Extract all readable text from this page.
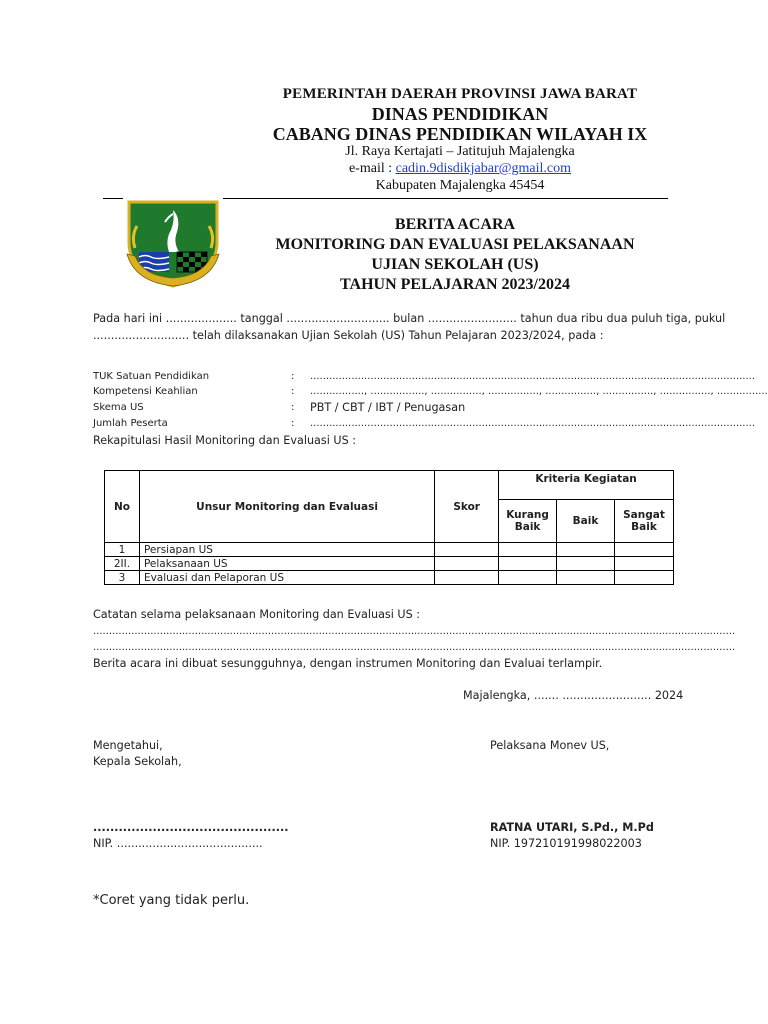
PEMERINTAH DAERAH PROVINSI JAWA BARAT
DINAS PENDIDIKAN
CABANG DINAS PENDIDIKAN WILAYAH IX
Jl. Raya Kertajati – Jatitujuh Majalengka
e-mail : cadin.9disdikjabar@gmail.com
Kabupaten Majalengka 45454
BERITA ACARA
MONITORING DAN EVALUASI PELAKSANAAN
UJIAN SEKOLAH (US)
TAHUN PELAJARAN 2023/2024
Pada hari ini .................... tanggal ............................. bulan ......................... tahun dua ribu dua puluh tiga, pukul
........................... telah dilaksanakan Ujian Sekolah (US) Tahun Pelajaran 2023/2024, pada :
TUK Satuan Pendidikan	: ............................................................................................................................................
Kompetensi Keahlian	: ................., ................., ................, ................, ................, ................, ................, ................
Skema US	: PBT / CBT / IBT / Penugasan
Jumlah Peserta	: ............................................................................................................................................
Rekapitulasi Hasil Monitoring dan Evaluasi US :
No	Unsur Monitoring dan Evaluasi	Skor	Kriteria Kegiatan		
			Kurang Baik	Baik	Sangat Baik
1	Persiapan US				
2II.	Pelaksanaan US				
3	Evaluasi dan Pelaporan US				
Catatan selama pelaksanaan Monitoring dan Evaluasi US :
..........................................................................................................................................................................................................
..........................................................................................................................................................................................................
Berita acara ini dibuat sesungguhnya, dengan instrumen Monitoring dan Evaluai terlampir.
Majalengka, ....... ......................... 2024
Mengetahui,
Kepala Sekolah,
..............................................
NIP. .........................................
Pelaksana Monev US,
RATNA UTARI, S.Pd., M.Pd
NIP. 197210191998022003
*Coret yang tidak perlu.
